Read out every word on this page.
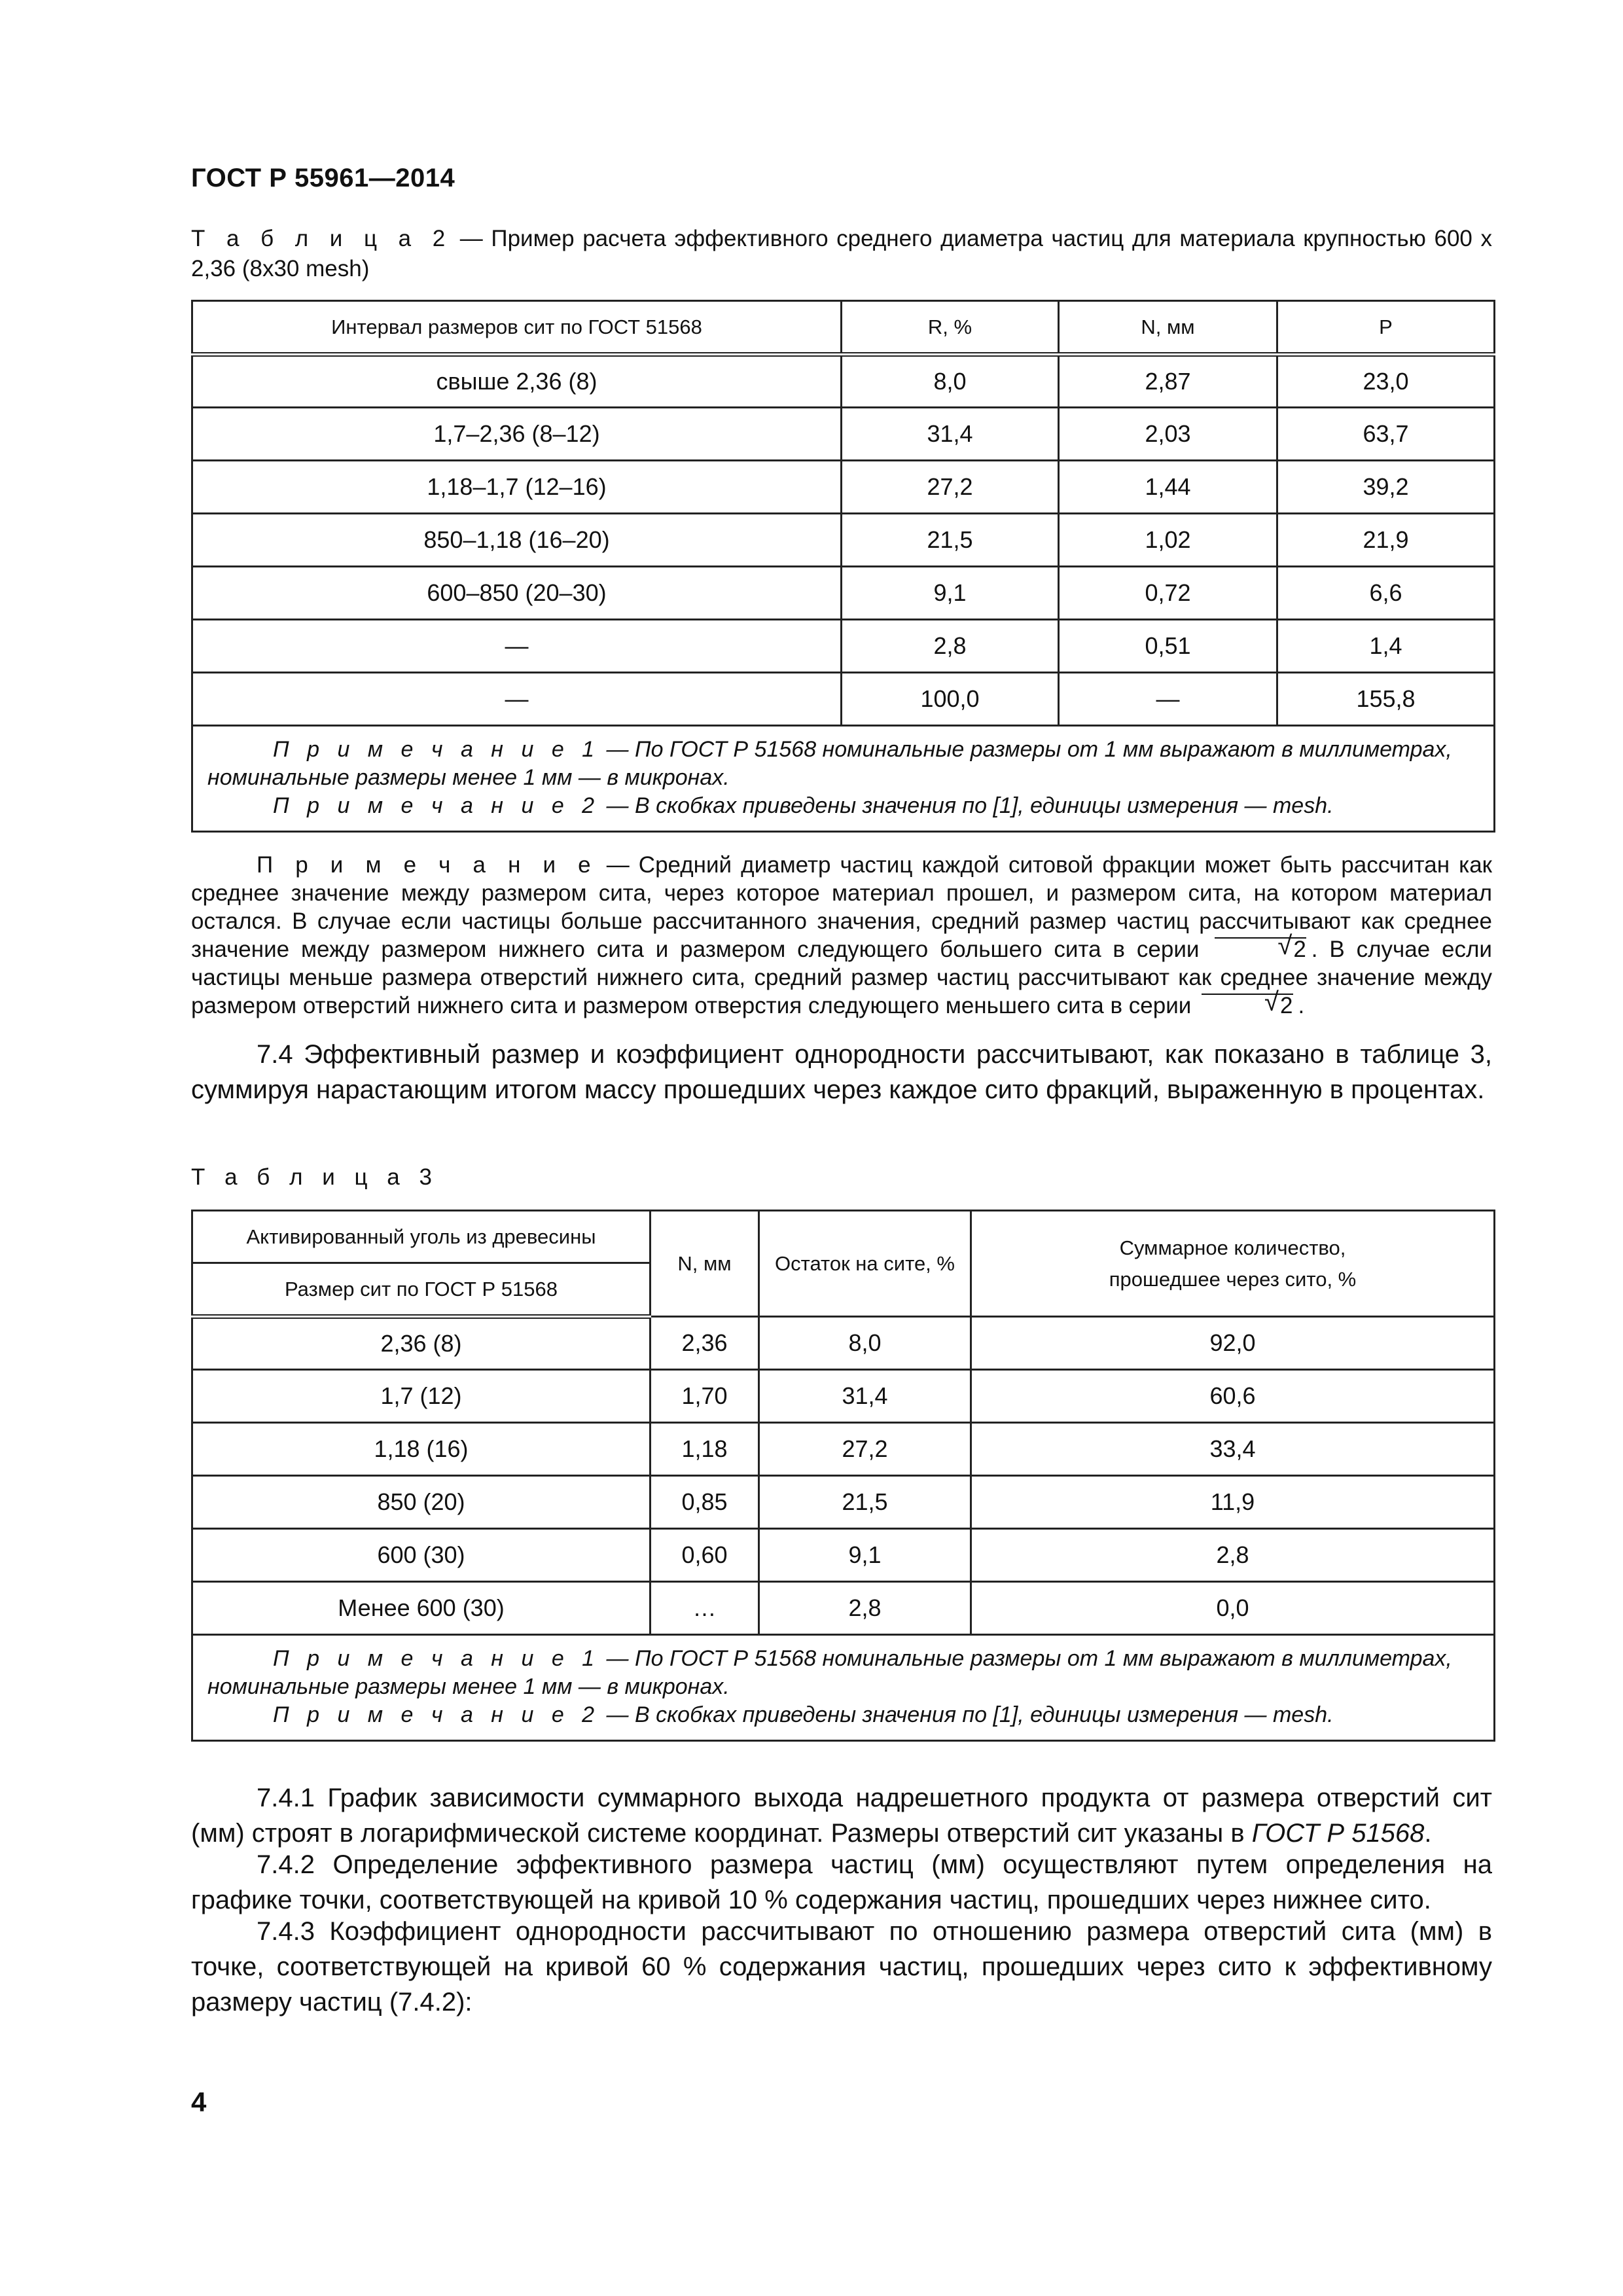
ГОСТ Р 55961—2014
Т а б л и ц а 2 — Пример расчета эффективного среднего диаметра частиц для материала крупностью 600 х 2,36 (8х30 mesh)
Интервал размеров сит по ГОСТ 51568	R, %	N, мм	P
свыше 2,36 (8)	8,0	2,87	23,0
1,7–2,36 (8–12)	31,4	2,03	63,7
1,18–1,7 (12–16)	27,2	1,44	39,2
850–1,18 (16–20)	21,5	1,02	21,9
600–850 (20–30)	9,1	0,72	6,6
—	2,8	0,51	1,4
—	100,0	—	155,8

П р и м е ч а н и е 1 — По ГОСТ Р 51568 номинальные размеры от 1 мм выражают в миллиметрах,
номинальные размеры менее 1 мм — в микронах.
П р и м е ч а н и е 2 — В скобках приведены значения по [1], единицы измерения — mesh.			
П р и м е ч а н и е — Средний диаметр частиц каждой ситовой фракции может быть рассчитан как среднее значение между размером сита, через которое материал прошел, и размером сита, на котором материал остался. В случае если частицы больше рассчитанного значения, средний размер частиц рассчитывают как среднее значение между размером нижнего сита и размером следующего большего сита в серии	√ 2 . В случае если частицы меньше размера отверстий нижнего сита, средний размер частиц рассчитывают как среднее значение между размером отверстий нижнего сита и размером отверстия следующего меньшего сита в серии	√ 2 .
7.4 Эффективный размер и коэффициент однородности рассчитывают, как показано в таблице 3, суммируя нарастающим итогом массу прошедших через каждое сито фракций, выраженную в процентах.
Т а б л и ц а 3
Активированный уголь из древесины	N, мм	Остаток на сите, %	Суммарное количество,
прошедшее через сито, %

Размер сит по ГОСТ Р 51568			
2,36 (8)	2,36	8,0	92,0
1,7 (12)	1,70	31,4	60,6
1,18 (16)	1,18	27,2	33,4
850 (20)	0,85	21,5	11,9
600 (30)	0,60	9,1	2,8
Менее 600 (30)	…	2,8	0,0

П р и м е ч а н и е 1 — По ГОСТ Р 51568 номинальные размеры от 1 мм выражают в миллиметрах,
номинальные размеры менее 1 мм — в микронах.
П р и м е ч а н и е 2 — В скобках приведены значения по [1], единицы измерения — mesh.			
7.4.1 График зависимости суммарного выхода надрешетного продукта от размера отверстий сит (мм) строят в логарифмической системе координат. Размеры отверстий сит указаны в ГОСТ Р 51568.
7.4.2 Определение эффективного размера частиц (мм) осуществляют путем определения на графике точки, соответствующей на кривой 10 % содержания частиц, прошедших через нижнее сито.
7.4.3 Коэффициент однородности рассчитывают по отношению размера отверстий сита (мм) в точке, соответствующей на кривой 60 % содержания частиц, прошедших через сито к эффективному размеру частиц (7.4.2):
4
